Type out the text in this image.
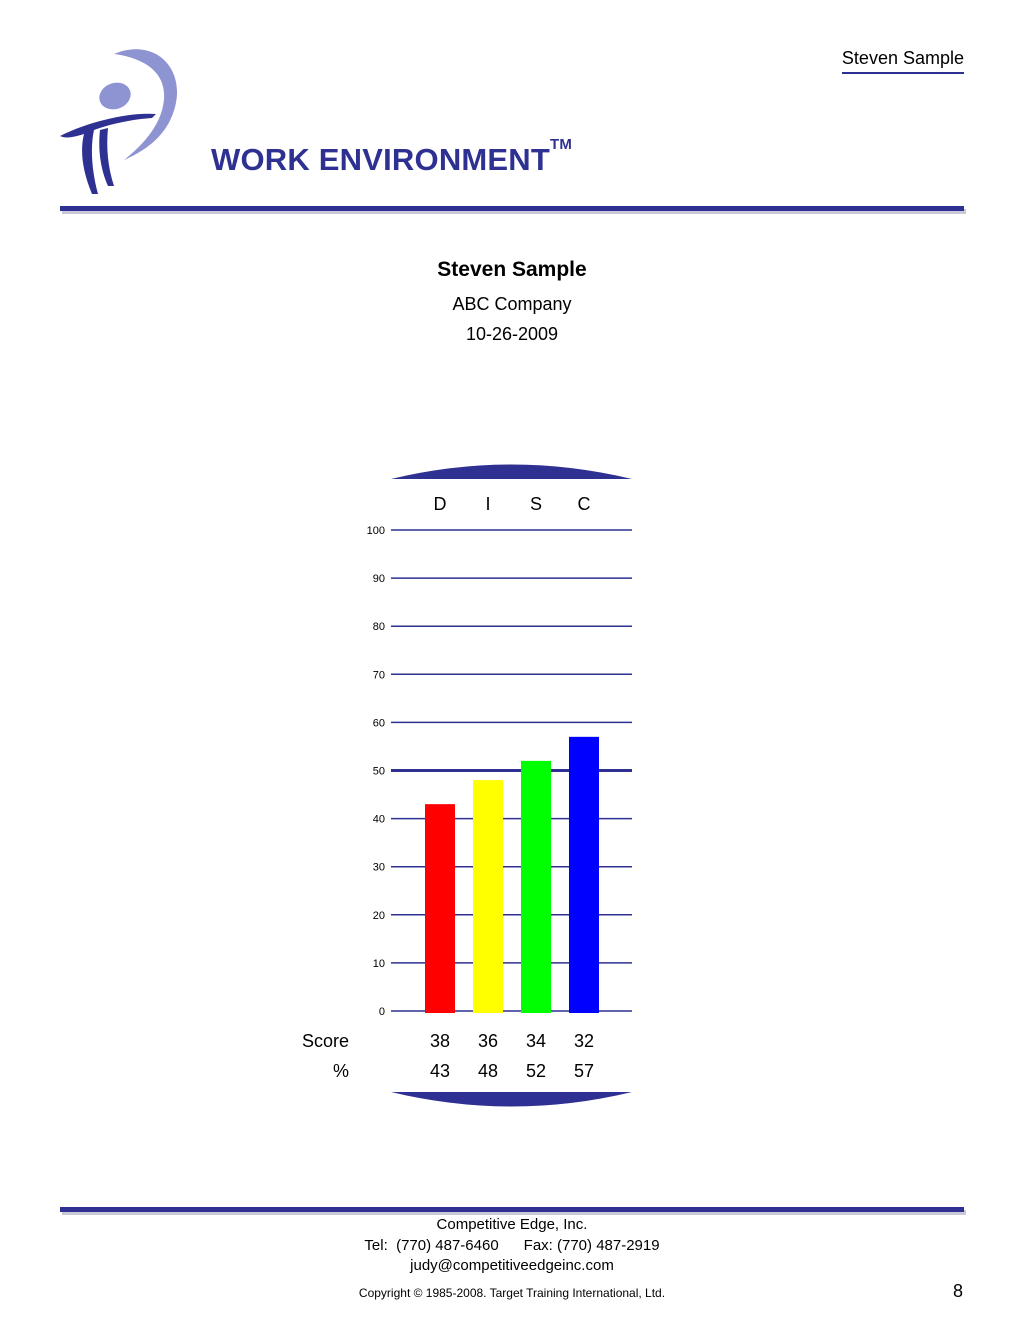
Steven Sample
WORK ENVIRONMENT™
Steven Sample
ABC Company
10-26-2009
D I S C
0
10
20
30
40
50
60
70
80
90
100
Score	38 36 34 32
%	43 48 52 57
Competitive Edge, Inc.
Tel:  (770) 487-6460      Fax: (770) 487-2919
judy@competitiveedgeinc.com
Copyright © 1985-2008. Target Training International, Ltd.	8
